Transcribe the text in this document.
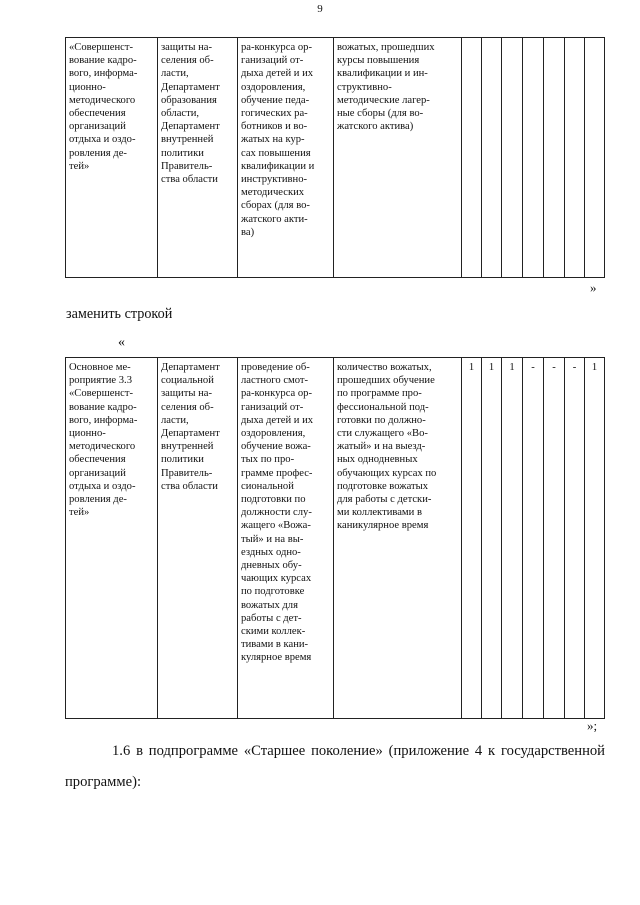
9
«Совершенст-
вование кадро-
вого, информа-
ционно-
методического
обеспечения
организаций
отдыха и оздо-
ровления де-
тей»	защиты на-
селения об-
ласти,
Департамент
образования
области,
Департамент
внутренней
политики
Правитель-
ства области	ра-конкурса ор-
ганизаций от-
дыха детей и их
оздоровления,
обучение педа-
гогических ра-
ботников и во-
жатых на кур-
сах повышения
квалификации и
инструктивно-
методических
сборах (для во-
жатского акти-
ва)	вожатых, прошедших
курсы повышения
квалификации и ин-
структивно-
методические лагер-
ные сборы (для во-
жатского актива)							
»
заменить строкой
«
Основное ме-
роприятие 3.3
«Совершенст-
вование кадро-
вого, информа-
ционно-
методического
обеспечения
организаций
отдыха и оздо-
ровления де-
тей»	Департамент
социальной
защиты на-
селения об-
ласти,
Департамент
внутренней
политики
Правитель-
ства области	проведение об-
ластного смот-
ра-конкурса ор-
ганизаций от-
дыха детей и их
оздоровления,
обучение вожа-
тых по про-
грамме профес-
сиональной
подготовки по
должности слу-
жащего «Вожа-
тый» и на вы-
ездных одно-
дневных обу-
чающих курсах
по подготовке
вожатых для
работы с дет-
скими коллек-
тивами в кани-
кулярное время	количество вожатых,
прошедших обучение
по программе про-
фессиональной под-
готовки по должно-
сти служащего «Во-
жатый» и на выезд-
ных однодневных
обучающих курсах по
подготовке вожатых
для работы с детски-
ми коллективами в
каникулярное время	1	1	1	-	-	-	1
»;
1.6 в подпрограмме «Старшее поколение» (приложение 4 к государственной программе):
